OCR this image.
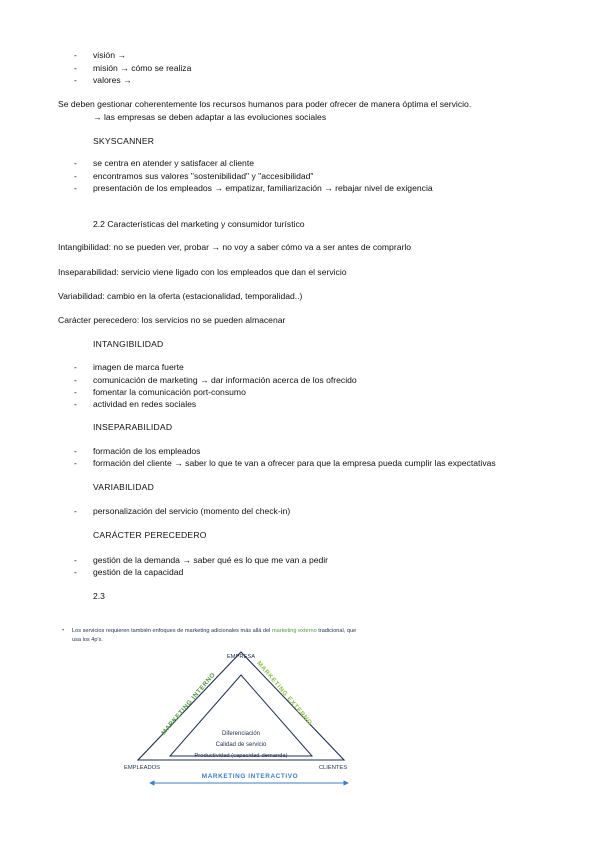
- visión →
- misión → cómo se realiza
- valores →
Se deben gestionar coherentemente los recursos humanos para poder ofrecer de manera óptima el servicio.
→ las empresas se deben adaptar a las evoluciones sociales
SKYSCANNER
- se centra en atender y satisfacer al cliente
- encontramos sus valores "sostenibilidad" y "accesibilidad"
- presentación de los empleados → empatizar, familiarización → rebajar nivel de exigencia
2.2 Características del marketing y consumidor turístico
Intangibilidad: no se pueden ver, probar → no voy a saber cómo va a ser antes de comprarlo
Inseparabilidad: servicio viene ligado con los empleados que dan el servicio
Variabilidad: cambio en la oferta (estacionalidad, temporalidad..)
Carácter perecedero: los servicios no se pueden almacenar
INTANGIBILIDAD
- imagen de marca fuerte
- comunicación de marketing → dar información acerca de los ofrecido
- fomentar la comunicación port-consumo
- actividad en redes sociales
INSEPARABILIDAD
- formación de los empleados
- formación del cliente → saber lo que te van a ofrecer para que la empresa pueda cumplir las expectativas
VARIABILIDAD
- personalización del servicio (momento del check-in)
CARÁCTER PERECEDERO
- gestión de la demanda → saber qué es lo que me van a pedir
- gestión de la capacidad
2.3
• Los servicios requieren también enfoques de marketing adicionales más allá del marketing externo tradicional, que
usa los 4p's.
EMPRESA
EMPLEADOS	CLIENTES
MARKETING INTERNO
MARKETING EXTERNO
Diferenciación
Calidad de servicio
Productividad (capacidad-demanda)
MARKETING INTERACTIVO
